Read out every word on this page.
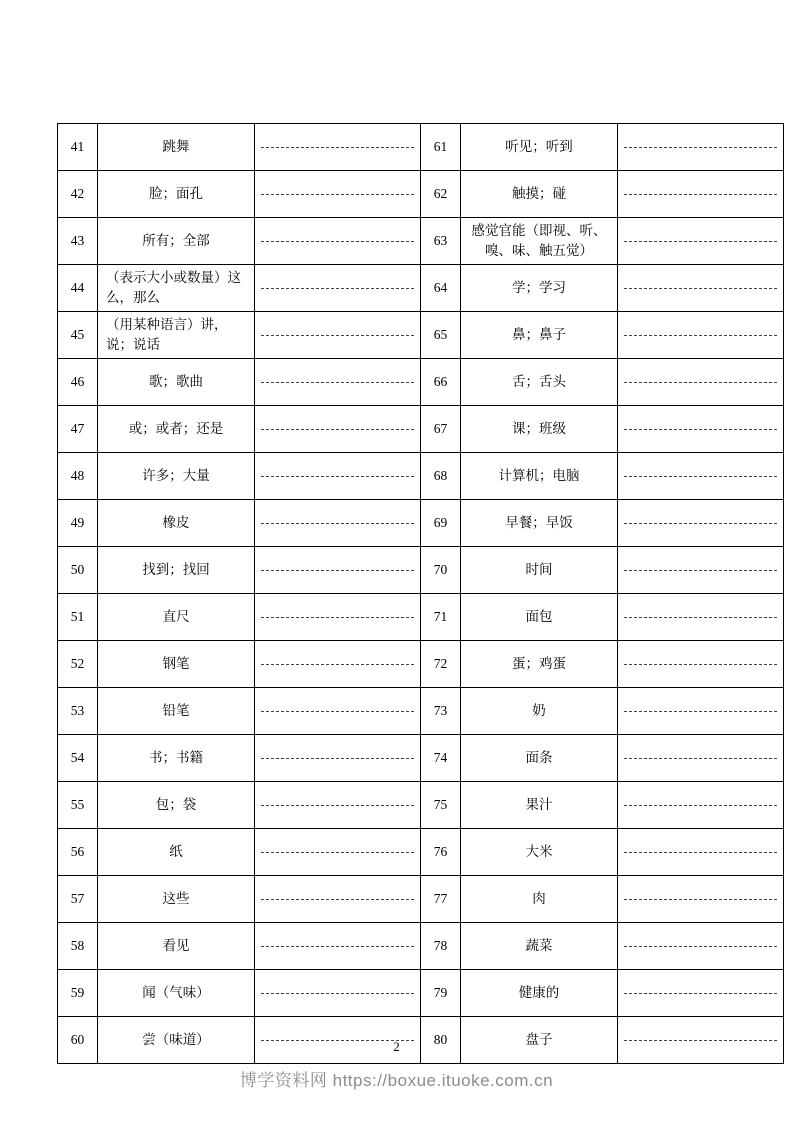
41	跳舞		61	听见；听到	

42	脸；面孔		62	触摸；碰	

43	所有；全部		63	感觉官能（即视、听、嗅、味、触五觉）	

44	（表示大小或数量）这么，那么		64	学；学习	

45	（用某种语言）讲，说；说话		65	鼻；鼻子	

46	歌；歌曲		66	舌；舌头	

47	或；或者；还是		67	课；班级	

48	许多；大量		68	计算机；电脑	

49	橡皮		69	早餐；早饭	

50	找到；找回		70	时间	

51	直尺		71	面包	

52	钢笔		72	蛋；鸡蛋	

53	铅笔		73	奶	

54	书；书籍		74	面条	

55	包；袋		75	果汁	

56	纸		76	大米	

57	这些		77	肉	

58	看见		78	蔬菜	

59	闻（气味）		79	健康的	

60	尝（味道）		80	盘子	
2
博学资料网 https://boxue.ituoke.com.cn
